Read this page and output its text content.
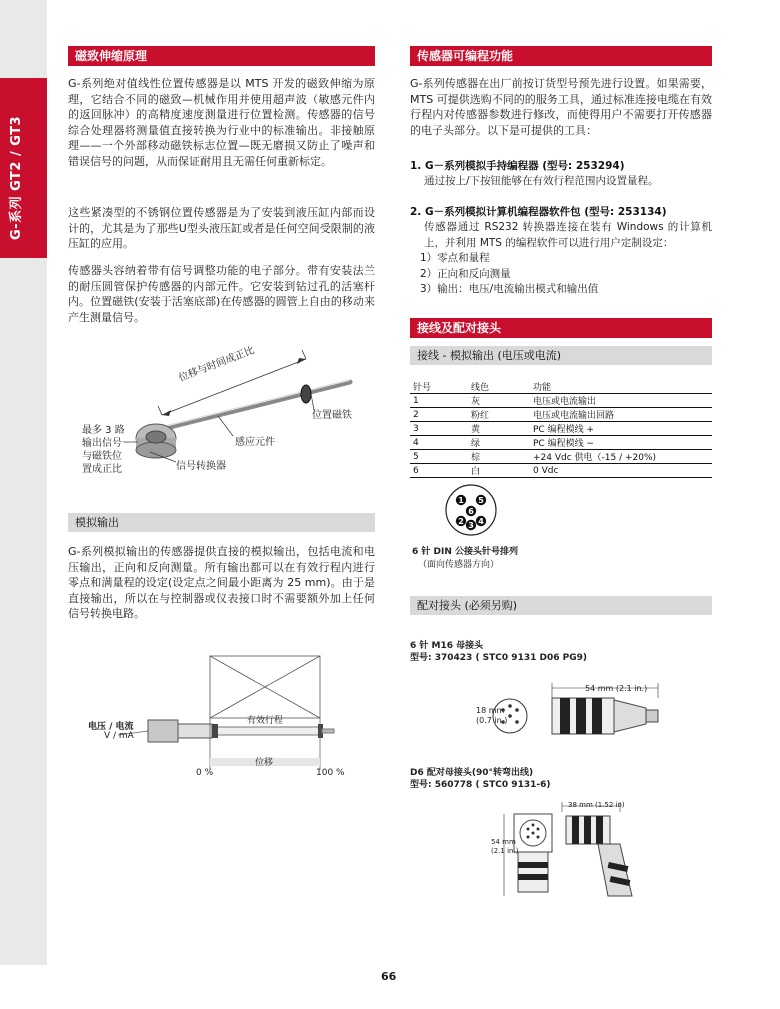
G-系列 GT2 / GT3
磁致伸缩原理
G-系列绝对值线性位置传感器是以 MTS 开发的磁致伸缩为原理，它结合不同的磁致—机械作用并使用超声波（敏感元件内的返回脉冲）的高精度速度测量进行位置检测。传感器的信号综合处理器将测量值直接转换为行业中的标准输出。非接触原理——一个外部移动磁铁标志位置—既无磨损又防止了噪声和错误信号的问题，从而保证耐用且无需任何重新标定。
这些紧凑型的不锈钢位置传感器是为了安装到液压缸内部而设计的，尤其是为了那些U型头液压缸或者是任何空间受限制的液压缸的应用。
传感器头容纳着带有信号调整功能的电子部分。带有安装法兰的耐压圆管保护传感器的内部元件。它安装到钻过孔的活塞杆内。位置磁铁(安装于活塞底部)在传感器的圆管上自由的移动来产生测量信号。
位移与时间成正比
位置磁铁
感应元件
信号转换器
最多 3 路
输出信号
与磁铁位
置成正比
模拟输出
G-系列模拟输出的传感器提供直接的模拟输出，包括电流和电压输出，正向和反向测量。所有输出都可以在有效行程内进行零点和满量程的设定(设定点之间最小距离为 25 mm)。由于是直接输出，所以在与控制器或仪表接口时不需要额外加上任何信号转换电路。
有效行程
电压 / 电流
V / mA
位移
0 %	100 %
传感器可编程功能
G-系列传感器在出厂前按订货型号预先进行设置。如果需要，MTS 可提供选购不同的的服务工具，通过标准连接电缆在有效行程内对传感器参数进行修改，而使得用户不需要打开传感器的电子头部分。以下是可提供的工具：
1. G－系列模拟手持编程器 (型号: 253294)
通过按上/下按钮能够在有效行程范围内设置量程。
2. G－系列模拟计算机编程器软件包 (型号: 253134)
传感器通过 RS232 转换器连接在装有 Windows 的计算机上，并利用 MTS 的编程软件可以进行用户定制设定：
1）零点和量程
2）正向和反向测量
3）输出：电压/电流输出模式和输出值
接线及配对接头
接线 - 模拟输出 (电压或电流)
针号	线色	功能
1	灰	电压或电流输出
2	粉红	电压或电流输出回路
3	黄	PC 编程模线 +
4	绿	PC 编程模线 −
5	棕	+24 Vdc 供电（-15 / +20%)
6	白	0 Vdc
1 5
6
2 3 4
6 针 DIN 公接头针号排列
（面向传感器方向）
配对接头 (必须另购)
6 针 M16 母接头
型号: 370423 ( STC0 9131 D06 PG9)
54 mm (2.1 in.)
18 mm
(0.7 in.)
D6 配对母接头(90°转弯出线)
型号: 560778 ( STC0 9131-6)
38 mm (1.52 in)
54 mm
(2.1 in.)
66
